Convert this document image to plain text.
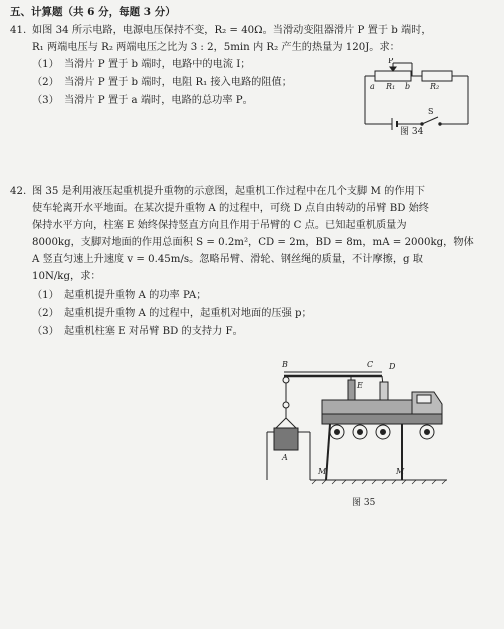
五、计算题（共 6 分，每题 3 分）
41. 如图 34 所示电路，电源电压保持不变，R₂ = 40Ω。当滑动变阻器滑片 P 置于 b 端时，
R₁ 两端电压与 R₂ 两端电压之比为 3 : 2，5min 内 R₂ 产生的热量为 120J。求：
（1） 当滑片 P 置于 b 端时，电路中的电流 I；
（2） 当滑片 P 置于 b 端时，电阻 R₁ 接入电路的阻值；
（3） 当滑片 P 置于 a 端时，电路的总功率 P。
P
a R₁ b R₂
S
图 34
42. 图 35 是利用液压起重机提升重物的示意图，起重机工作过程中在几个支脚 M 的作用下
使车轮离开水平地面。在某次提升重物 A 的过程中，可绕 D 点自由转动的吊臂 BD 始终
保持水平方向，柱塞 E 始终保持竖直方向且作用于吊臂的 C 点。已知起重机质量为
8000kg，支脚对地面的作用总面积 S = 0.2m²，CD = 2m，BD = 8m，mA = 2000kg，物体
A 竖直匀速上升速度 v = 0.45m/s。忽略吊臂、滑轮、钢丝绳的质量，不计摩擦，g 取
10N/kg，求：
（1） 起重机提升重物 A 的功率 PA；
（2） 起重机提升重物 A 的过程中，起重机对地面的压强 p；
（3） 起重机柱塞 E 对吊臂 BD 的支持力 F。
B	C D
E
A
M	M
图 35
